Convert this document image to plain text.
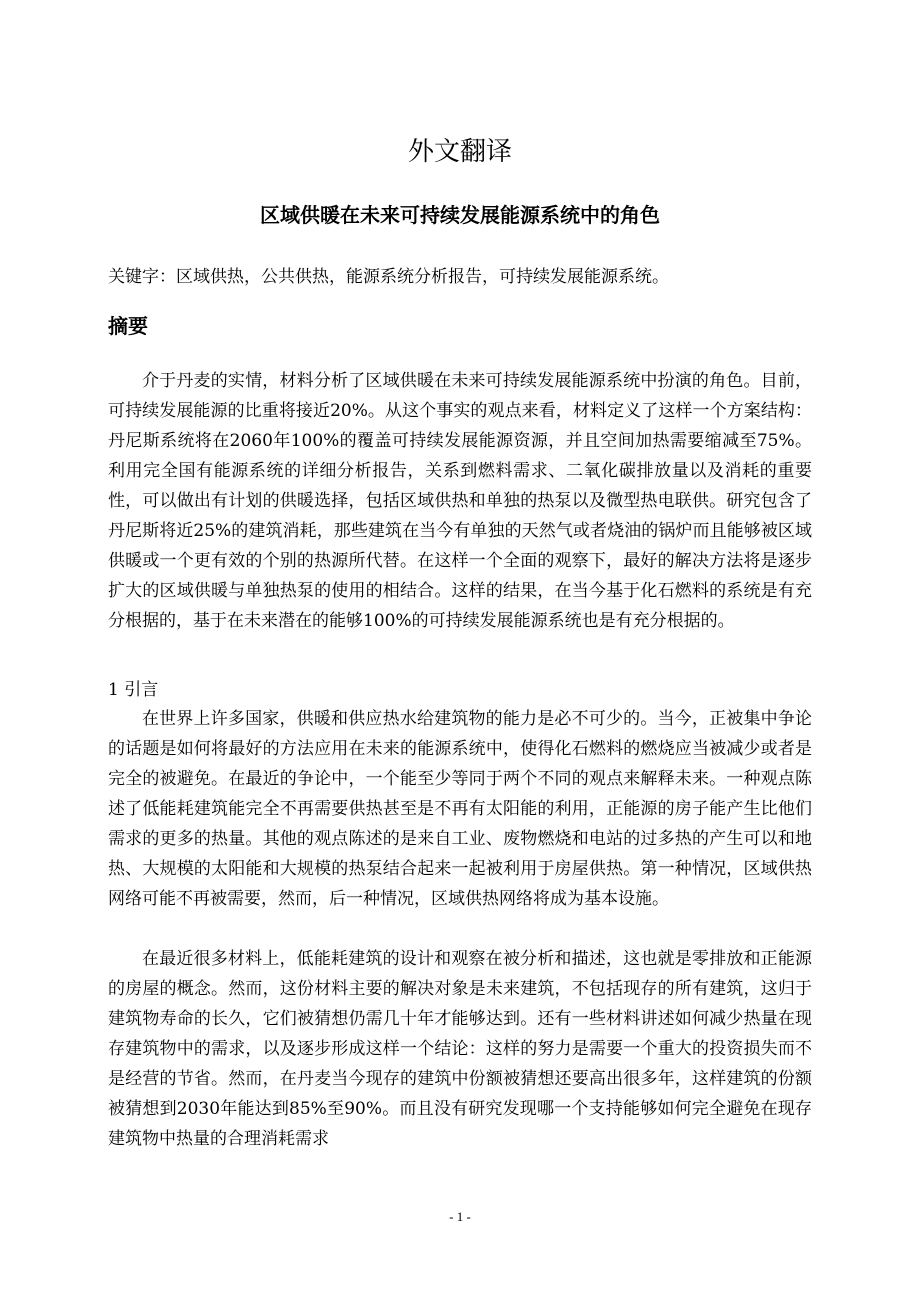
外文翻译
区域供暖在未来可持续发展能源系统中的角色

关键字：区域供热，公共供热，能源系统分析报告，可持续发展能源系统。

摘要

介于丹麦的实情，材料分析了区域供暖在未来可持续发展能源系统中扮演的角色。目前，可持续发展能源的比重将接近20%。从这个事实的观点来看，材料定义了这样一个方案结构：丹尼斯系统将在2060年100%的覆盖可持续发展能源资源，并且空间加热需要缩减至75%。利用完全国有能源系统的详细分析报告，关系到燃料需求、二氧化碳排放量以及消耗的重要性，可以做出有计划的供暖选择，包括区域供热和单独的热泵以及微型热电联供。研究包含了丹尼斯将近25%的建筑消耗，那些建筑在当今有单独的天然气或者烧油的锅炉而且能够被区域供暖或一个更有效的个别的热源所代替。在这样一个全面的观察下，最好的解决方法将是逐步扩大的区域供暖与单独热泵的使用的相结合。这样的结果，在当今基于化石燃料的系统是有充分根据的，基于在未来潜在的能够100%的可持续发展能源系统也是有充分根据的。

1 引言

在世界上许多国家，供暖和供应热水给建筑物的能力是必不可少的。当今，正被集中争论的话题是如何将最好的方法应用在未来的能源系统中，使得化石燃料的燃烧应当被减少或者是完全的被避免。在最近的争论中，一个能至少等同于两个不同的观点来解释未来。一种观点陈述了低能耗建筑能完全不再需要供热甚至是不再有太阳能的利用，正能源的房子能产生比他们需求的更多的热量。其他的观点陈述的是来自工业、废物燃烧和电站的过多热的产生可以和地热、大规模的太阳能和大规模的热泵结合起来一起被利用于房屋供热。第一种情况，区域供热网络可能不再被需要，然而，后一种情况，区域供热网络将成为基本设施。

在最近很多材料上，低能耗建筑的设计和观察在被分析和描述，这也就是零排放和正能源的房屋的概念。然而，这份材料主要的解决对象是未来建筑，不包括现存的所有建筑，这归于建筑物寿命的长久，它们被猜想仍需几十年才能够达到。还有一些材料讲述如何减少热量在现存建筑物中的需求，以及逐步形成这样一个结论：这样的努力是需要一个重大的投资损失而不是经营的节省。然而，在丹麦当今现存的建筑中份额被猜想还要高出很多年，这样建筑的份额被猜想到2030年能达到85%至90%。而且没有研究发现哪一个支持能够如何完全避免在现存建筑物中热量的合理消耗需求

- 1 -
